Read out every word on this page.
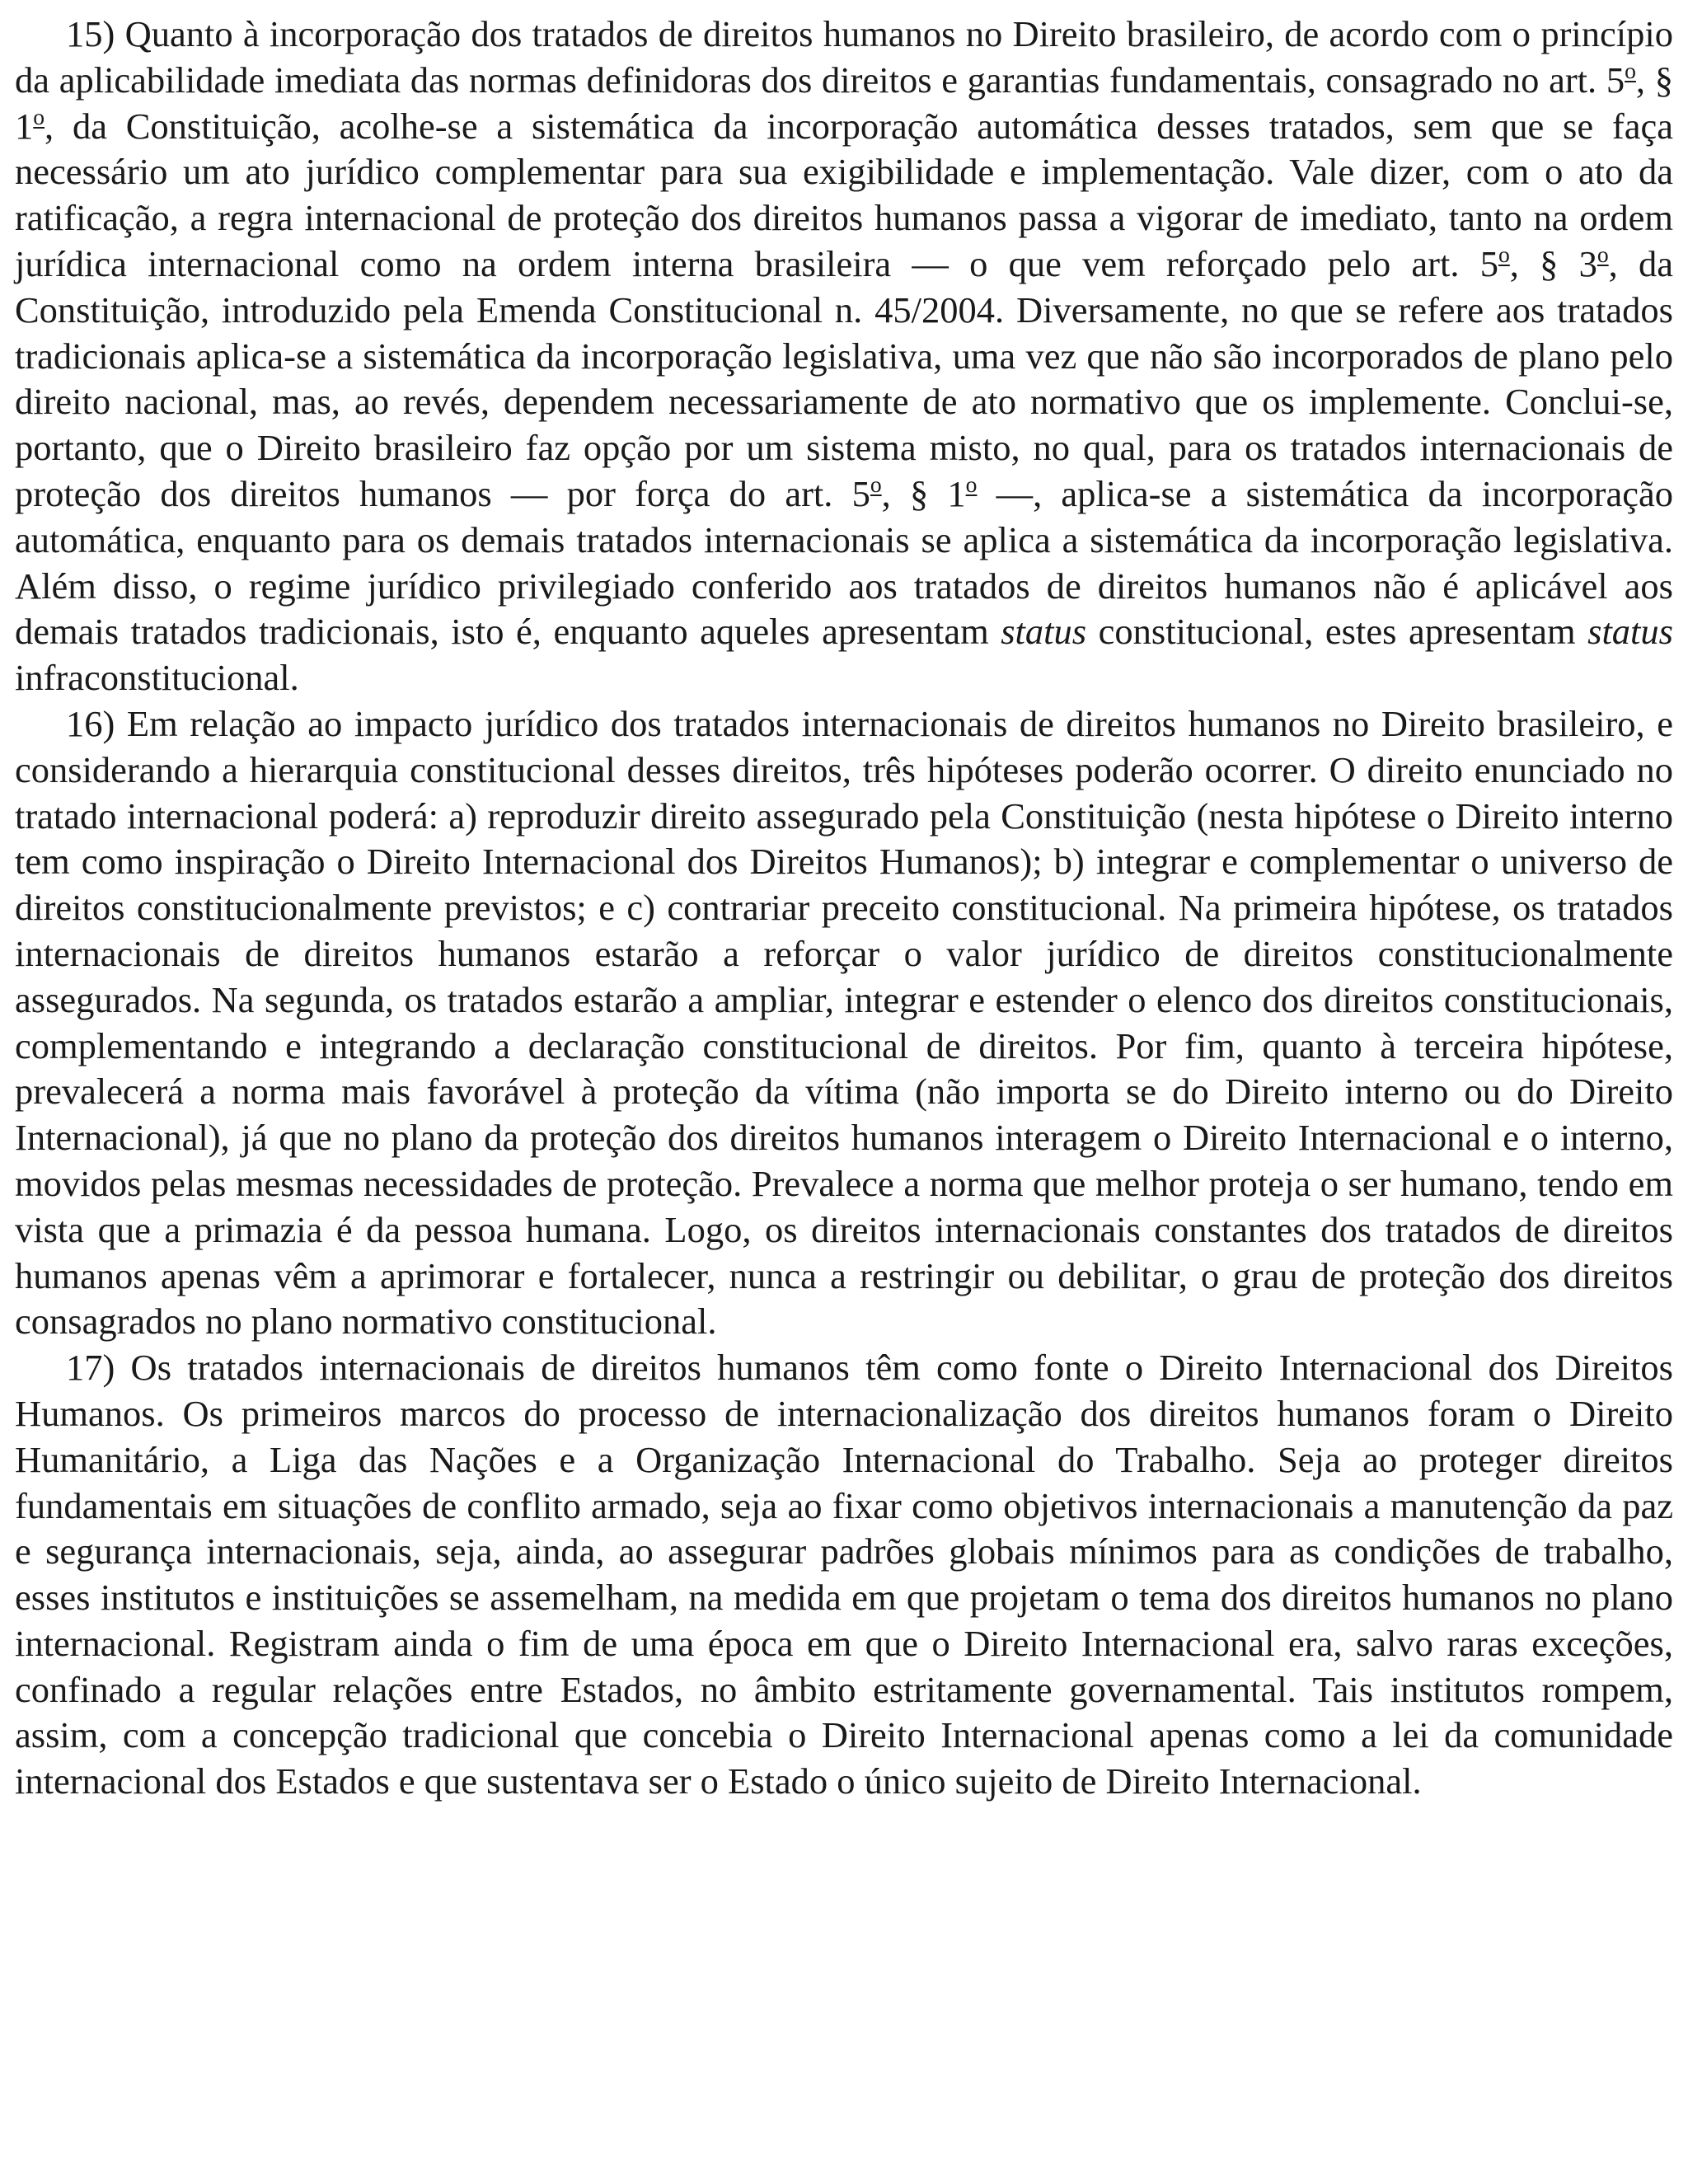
15) Quanto à incorporação dos tratados de direitos humanos no Direito brasileiro, de acordo com o princípio da aplicabilidade imediata das normas definidoras dos direitos e garantias fundamentais, consagrado no art. 5$^o$, § 1$^o$, da Constituição, acolhe-se a sistemática da incorporação automática desses tratados, sem que se faça necessário um ato jurídico complementar para sua exigibilidade e implementação. Vale dizer, com o ato da ratificação, a regra internacional de proteção dos direitos humanos passa a vigorar de imediato, tanto na ordem jurídica internacional como na ordem interna brasileira — o que vem reforçado pelo art. 5$^o$, § 3$^o$, da Constituição, introduzido pela Emenda Constitucional n. 45/2004. Diversamente, no que se refere aos tratados tradicionais aplica-se a sistemática da incorporação legislativa, uma vez que não são incorporados de plano pelo direito nacional, mas, ao revés, dependem necessariamente de ato normativo que os implemente. Conclui-se, portanto, que o Direito brasileiro faz opção por um sistema misto, no qual, para os tratados internacionais de proteção dos direitos humanos — por força do art. 5$^o$, § 1$^o$ —, aplica-se a sistemática da incorporação automática, enquanto para os demais tratados internacionais se aplica a sistemática da incorporação legislativa. Além disso, o regime jurídico privilegiado conferido aos tratados de direitos humanos não é aplicável aos demais tratados tradicionais, isto é, enquanto aqueles apresentam status constitucional, estes apresentam status infraconstitucional.

16) Em relação ao impacto jurídico dos tratados internacionais de direitos humanos no Direito brasileiro, e considerando a hierarquia constitucional desses direitos, três hipóteses poderão ocorrer. O direito enunciado no tratado internacional poderá: a) reproduzir direito assegurado pela Constituição (nesta hipótese o Direito interno tem como inspiração o Direito Internacional dos Direitos Humanos); b) integrar e complementar o universo de direitos constitucionalmente previstos; e c) contrariar preceito constitucional. Na primeira hipótese, os tratados internacionais de direitos humanos estarão a reforçar o valor jurídico de direitos constitucionalmente assegurados. Na segunda, os tratados estarão a ampliar, integrar e estender o elenco dos direitos constitucionais, complementando e integrando a declaração constitucional de direitos. Por fim, quanto à terceira hipótese, prevalecerá a norma mais favorável à proteção da vítima (não importa se do Direito interno ou do Direito Internacional), já que no plano da proteção dos direitos humanos interagem o Direito Internacional e o interno, movidos pelas mesmas necessidades de proteção. Prevalece a norma que melhor proteja o ser humano, tendo em vista que a primazia é da pessoa humana. Logo, os direitos internacionais constantes dos tratados de direitos humanos apenas vêm a aprimorar e fortalecer, nunca a restringir ou debilitar, o grau de proteção dos direitos consagrados no plano normativo constitucional.

17) Os tratados internacionais de direitos humanos têm como fonte o Direito Internacional dos Direitos Humanos. Os primeiros marcos do processo de internacionalização dos direitos humanos foram o Direito Humanitário, a Liga das Nações e a Organização Internacional do Trabalho. Seja ao proteger direitos fundamentais em situações de conflito armado, seja ao fixar como objetivos internacionais a manutenção da paz e segurança internacionais, seja, ainda, ao assegurar padrões globais mínimos para as condições de trabalho, esses institutos e instituições se assemelham, na medida em que projetam o tema dos direitos humanos no plano internacional. Registram ainda o fim de uma época em que o Direito Internacional era, salvo raras exceções, confinado a regular relações entre Estados, no âmbito estritamente governamental. Tais institutos rompem, assim, com a concepção tradicional que concebia o Direito Internacional apenas como a lei da comunidade internacional dos Estados e que sustentava ser o Estado o único sujeito de Direito Internacional.
